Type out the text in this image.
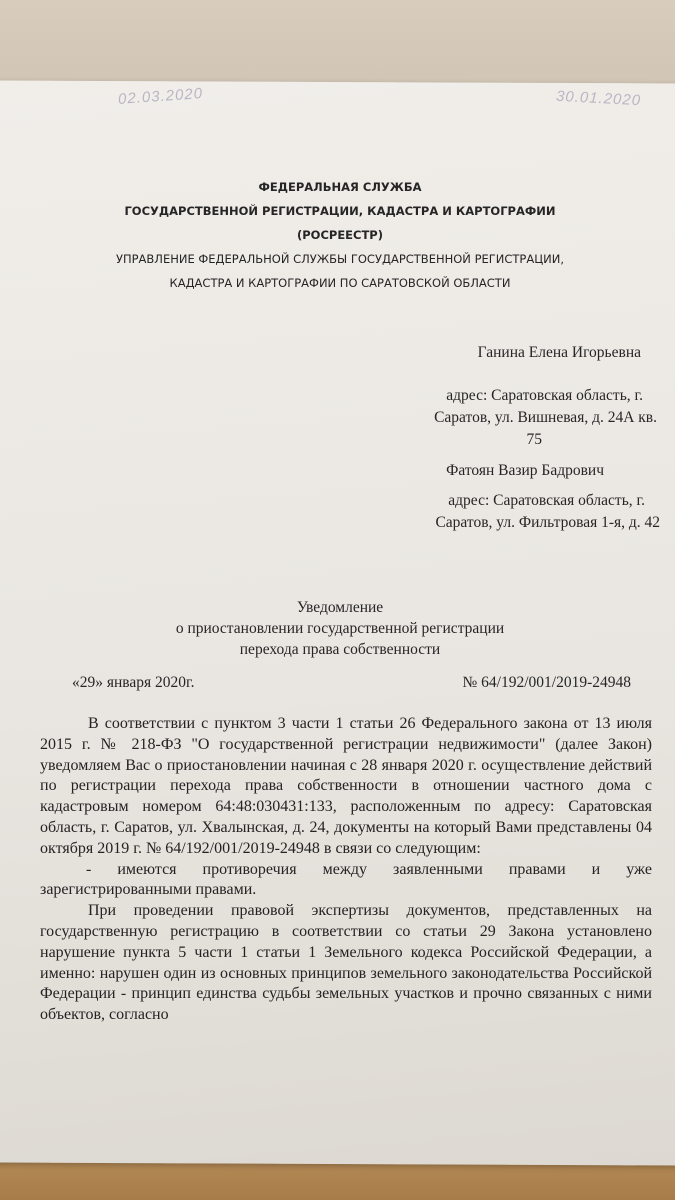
02.03.2020	30.01.2020
ФЕДЕРАЛЬНАЯ СЛУЖБА
ГОСУДАРСТВЕННОЙ РЕГИСТРАЦИИ, КАДАСТРА И КАРТОГРАФИИ
(РОСРЕЕСТР)
УПРАВЛЕНИЕ ФЕДЕРАЛЬНОЙ СЛУЖБЫ ГОСУДАРСТВЕННОЙ РЕГИСТРАЦИИ,
КАДАСТРА И КАРТОГРАФИИ ПО САРАТОВСКОЙ ОБЛАСТИ
Ганина Елена Игорьевна
адрес: Саратовская область, г.
Саратов, ул. Вишневая, д. 24А кв.
75
Фатоян Вазир Бадрович
адрес: Саратовская область, г.
Саратов, ул. Фильтровая 1-я, д. 42
Уведомление
о приостановлении государственной регистрации
перехода права собственности
«29» января 2020г.	№ 64/192/001/2019-24948

В соответствии с пунктом 3 части 1 статьи 26 Федерального закона от 13 июля 2015 г. № 218-ФЗ "О государственной регистрации недвижимости" (далее Закон) уведомляем Вас о приостановлении начиная с 28 января 2020 г. осуществление действий по регистрации перехода права собственности в отношении частного дома с кадастровым номером 64:48:030431:133, расположенным по адресу: Саратовская область, г. Саратов, ул. Хвалынская, д. 24, документы на который Вами представлены 04 октября 2019 г. № 64/192/001/2019-24948 в связи со следующим:

- имеются противоречия между заявленными правами и уже зарегистрированными правами.

При проведении правовой экспертизы документов, представленных на государственную регистрацию в соответствии со статьи 29 Закона установлено нарушение пункта 5 части 1 статьи 1 Земельного кодекса Российской Федерации, а именно: нарушен один из основных принципов земельного законодательства Российской Федерации - принцип единства судьбы земельных участков и прочно связанных с ними объектов, согласно
